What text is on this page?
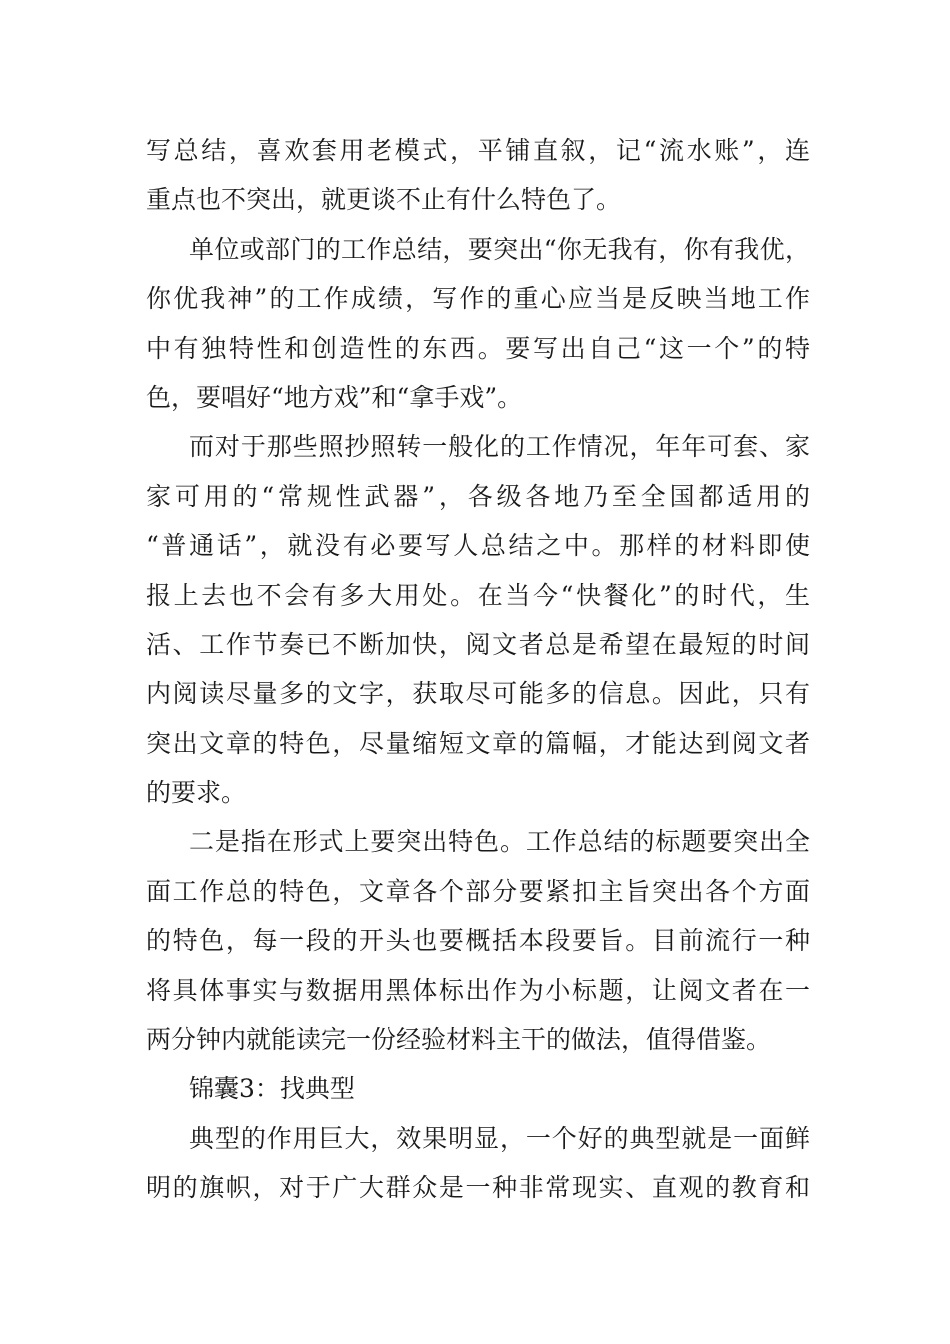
写总结，喜欢套用老模式，平铺直叙，记“流水账”，连
重点也不突出，就更谈不止有什么特色了。
单位或部门的工作总结，要突出“你无我有，你有我优，
你优我神”的工作成绩，写作的重心应当是反映当地工作
中有独特性和创造性的东西。要写出自己“这一个”的特
色，要唱好“地方戏”和“拿手戏”。
而对于那些照抄照转一般化的工作情况，年年可套、家
家可用的“常规性武器”，各级各地乃至全国都适用的
“普通话”，就没有必要写人总结之中。那样的材料即使
报上去也不会有多大用处。在当今“快餐化”的时代，生
活、工作节奏已不断加快，阅文者总是希望在最短的时间
内阅读尽量多的文字，获取尽可能多的信息。因此，只有
突出文章的特色，尽量缩短文章的篇幅，才能达到阅文者
的要求。
二是指在形式上要突出特色。工作总结的标题要突出全
面工作总的特色，文章各个部分要紧扣主旨突出各个方面
的特色，每一段的开头也要概括本段要旨。目前流行一种
将具体事实与数据用黑体标出作为小标题，让阅文者在一
两分钟内就能读完一份经验材料主干的做法，值得借鉴。
锦囊3：找典型
典型的作用巨大，效果明显，一个好的典型就是一面鲜
明的旗帜，对于广大群众是一种非常现实、直观的教育和
